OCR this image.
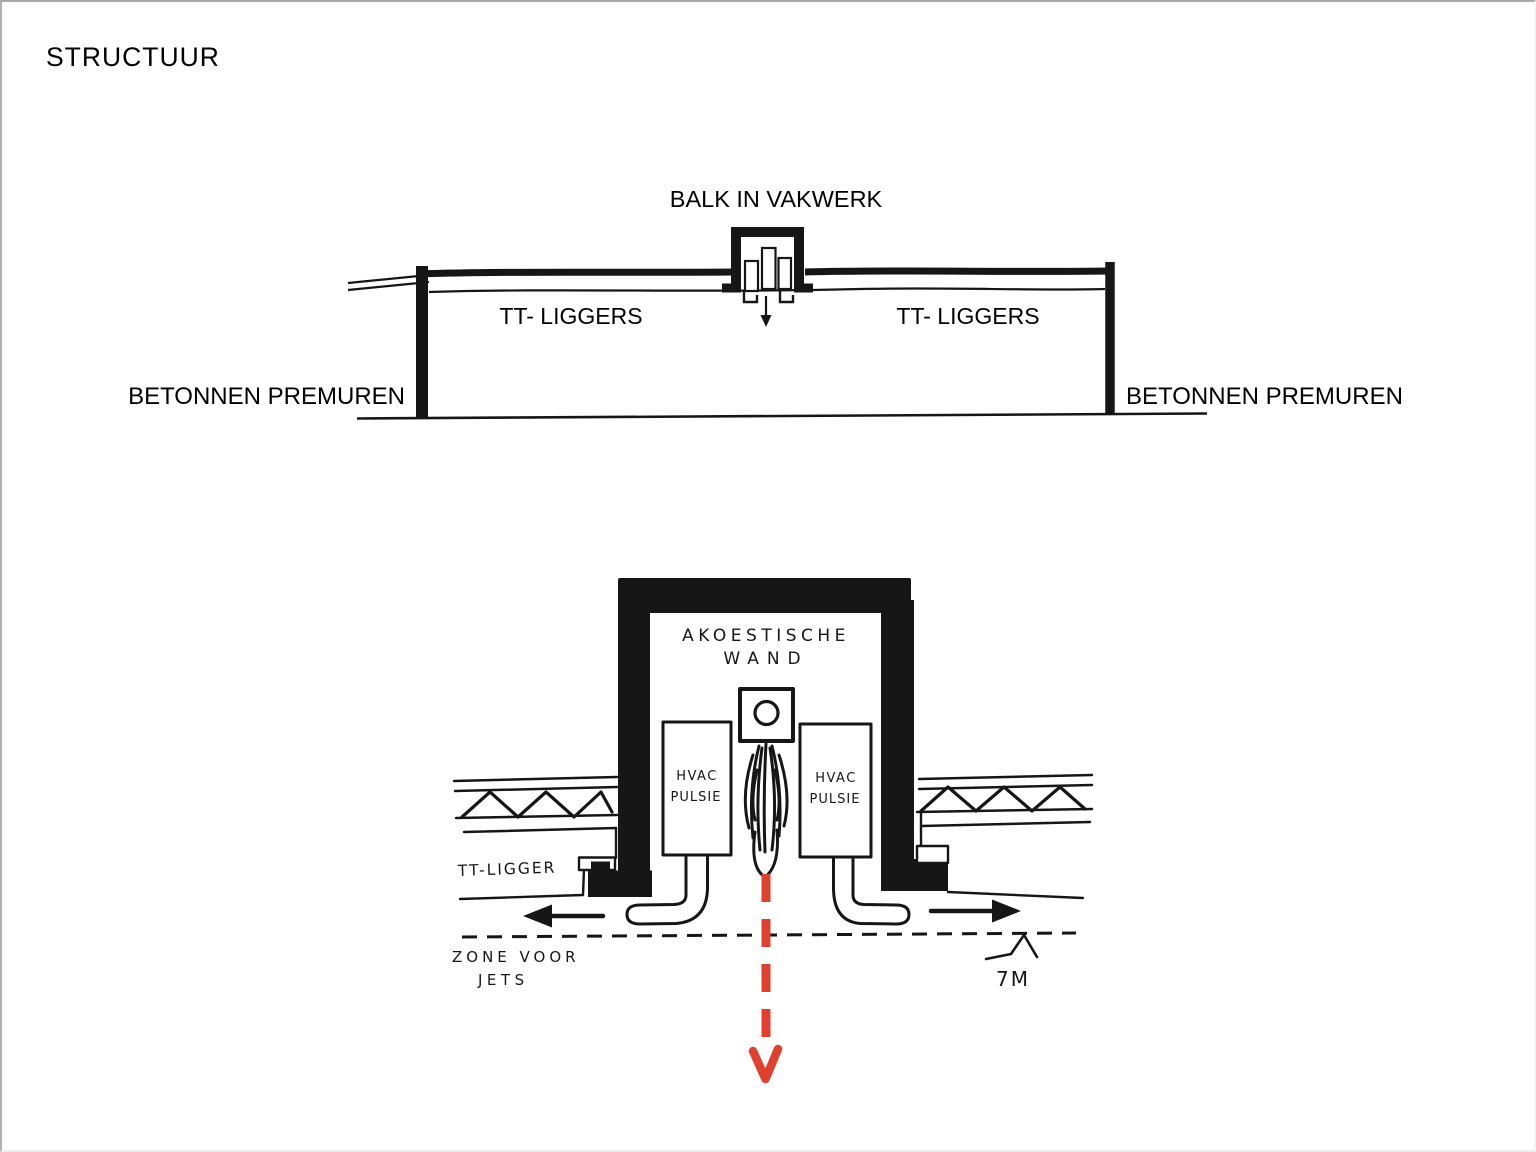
STRUCTUUR
BALK IN VAKWERK
TT- LIGGERS	TT- LIGGERS
BETONNEN PREMUREN	BETONNEN PREMUREN
AKOESTISCHE
WAND
HVAC
PULSIE
HVAC
PULSIE
TT-LIGGER
ZONE VOOR
JETS	7M
